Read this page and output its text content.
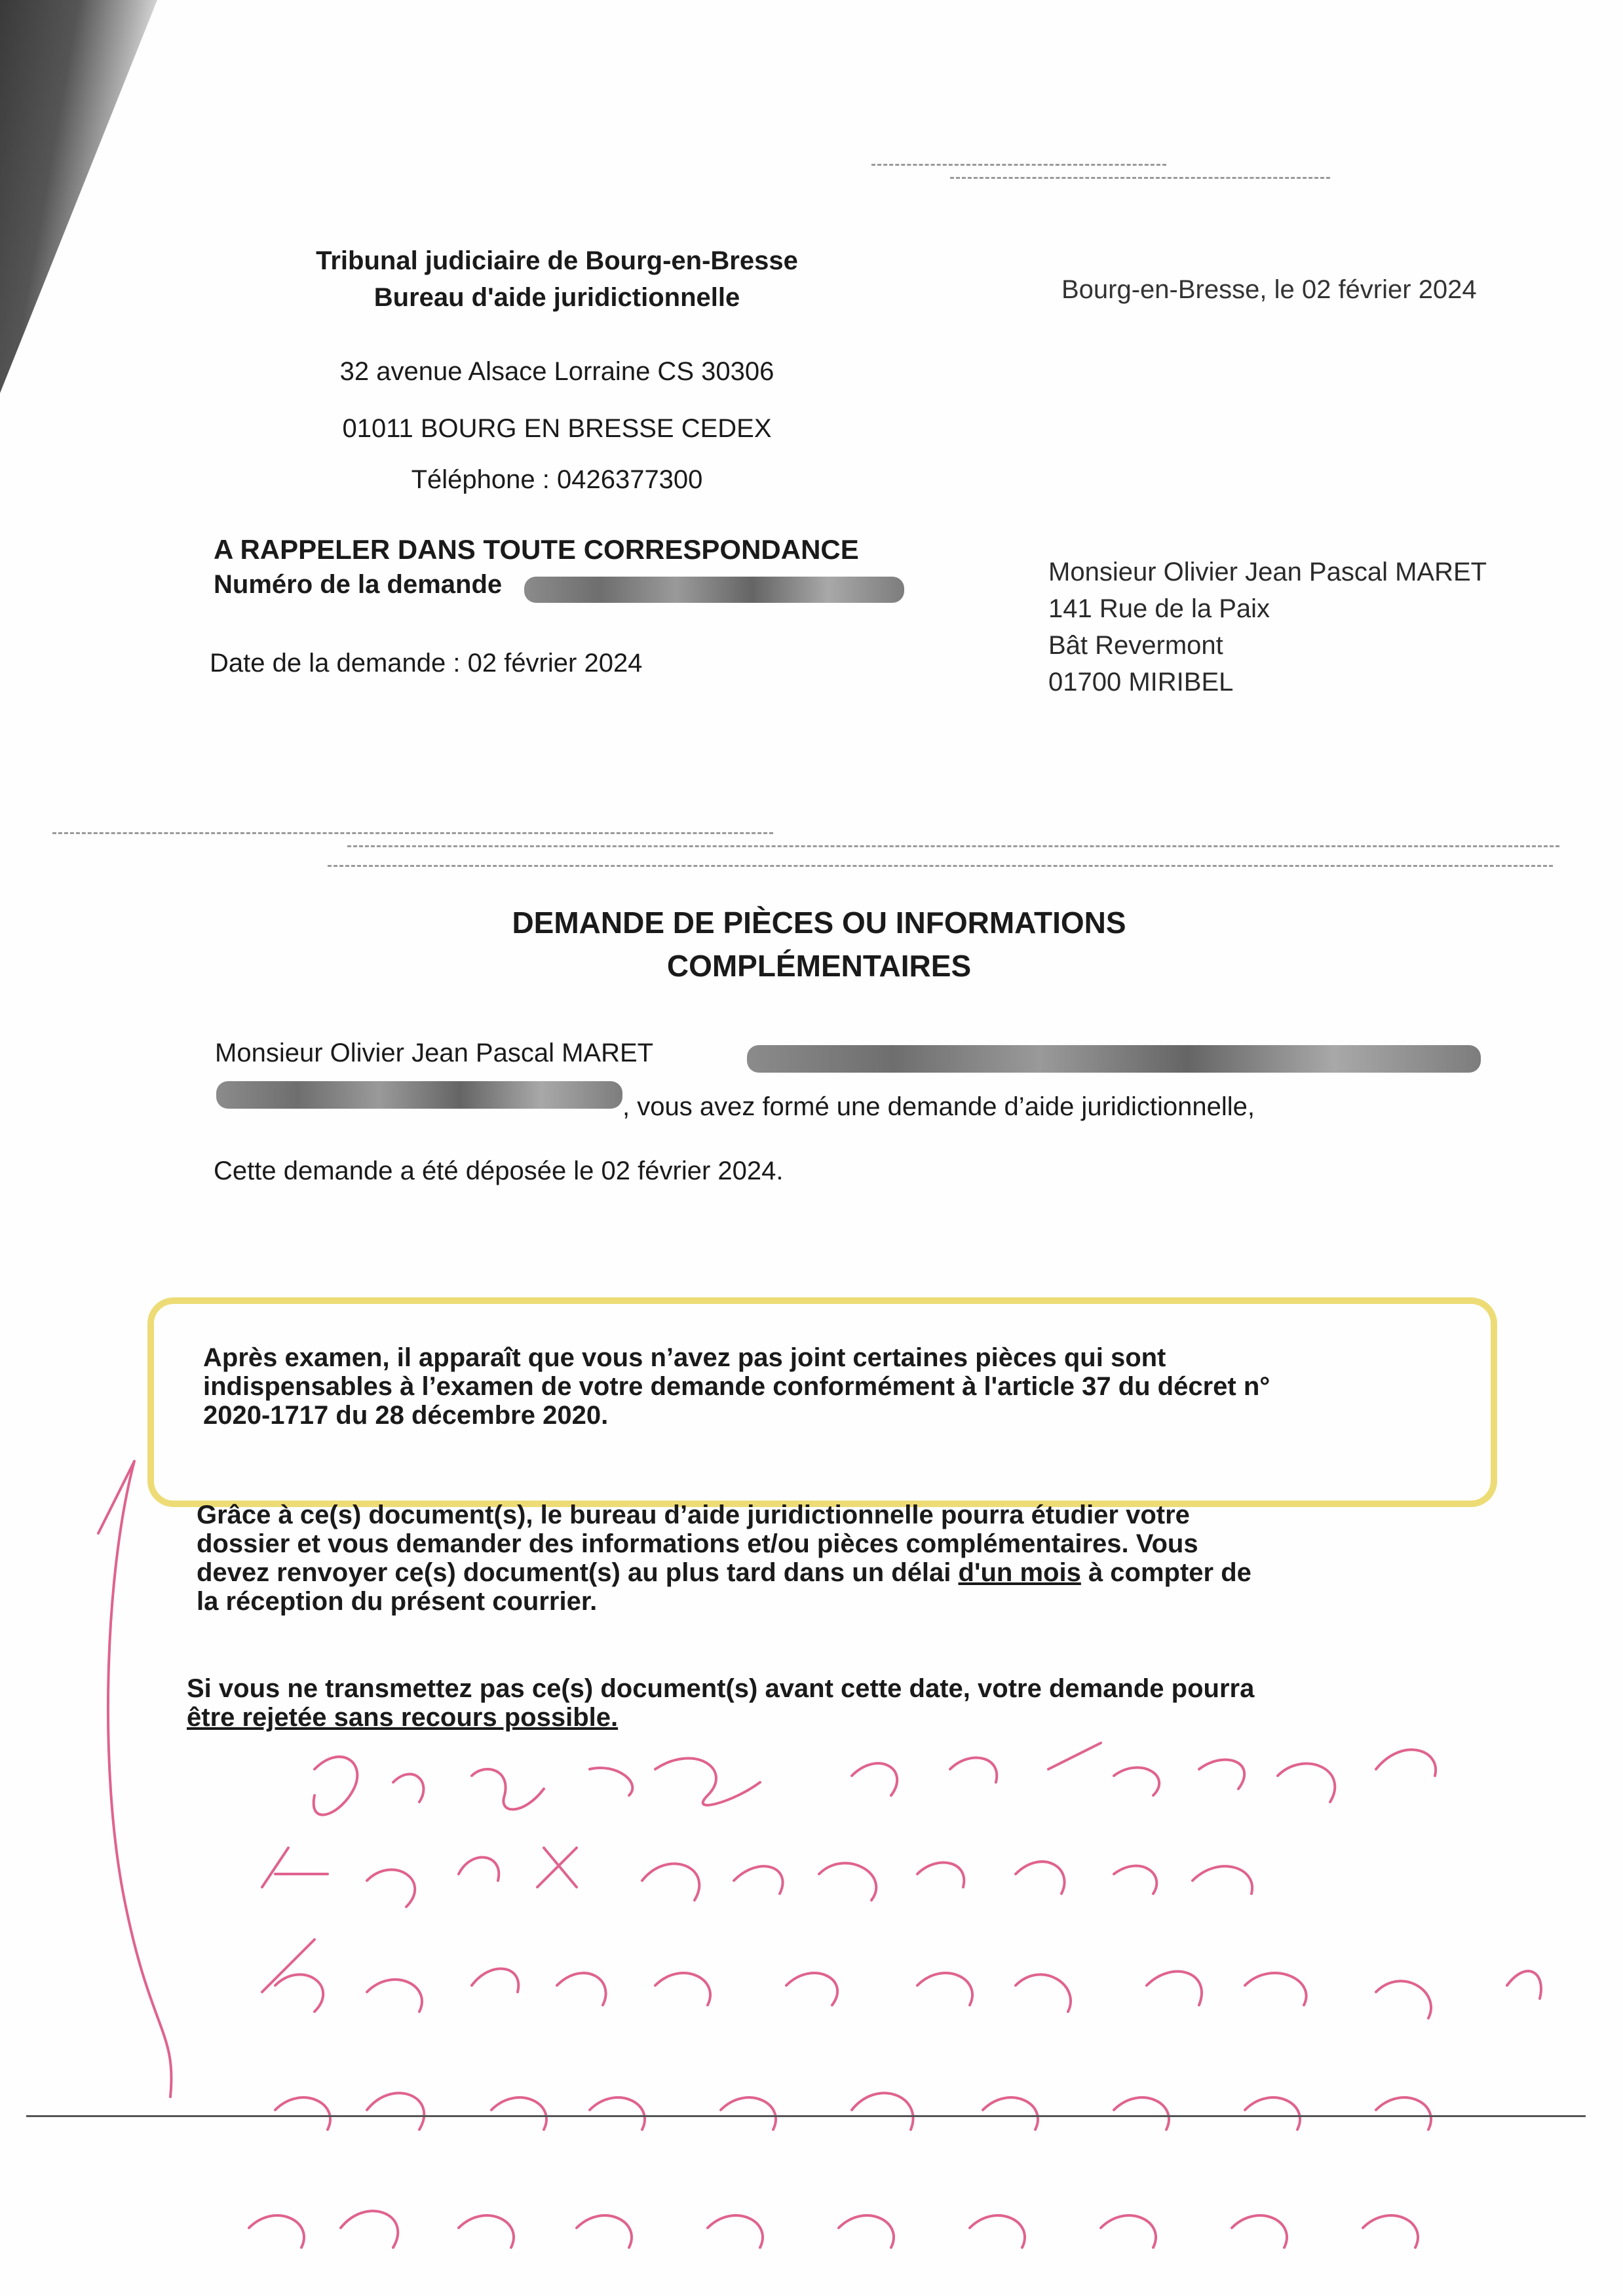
Tribunal judiciaire de Bourg-en-Bresse
Bureau d'aide juridictionnelle
32 avenue Alsace Lorraine CS 30306
01011 BOURG EN BRESSE CEDEX
Téléphone : 0426377300
Bourg-en-Bresse, le 02 février 2024
A RAPPELER DANS TOUTE CORRESPONDANCE
Numéro de la demande
Date de la demande : 02 février 2024
Monsieur Olivier Jean Pascal MARET
141 Rue de la Paix
Bât Revermont
01700 MIRIBEL
DEMANDE DE PIÈCES OU INFORMATIONS
COMPLÉMENTAIRES
Monsieur Olivier Jean Pascal MARET
, vous avez formé une demande d’aide juridictionnelle,
Cette demande a été déposée le 02 février 2024.
Après examen, il apparaît que vous n’avez pas joint certaines pièces qui sont
indispensables à l’examen de votre demande conformément à l'article 37 du décret n°
2020-1717 du 28 décembre 2020.
Grâce à ce(s) document(s), le bureau d’aide juridictionnelle pourra étudier votre
dossier et vous demander des informations et/ou pièces complémentaires. Vous
devez renvoyer ce(s) document(s) au plus tard dans un délai d'un mois à compter de
la réception du présent courrier.
Si vous ne transmettez pas ce(s) document(s) avant cette date, votre demande pourra
être rejetée sans recours possible.
